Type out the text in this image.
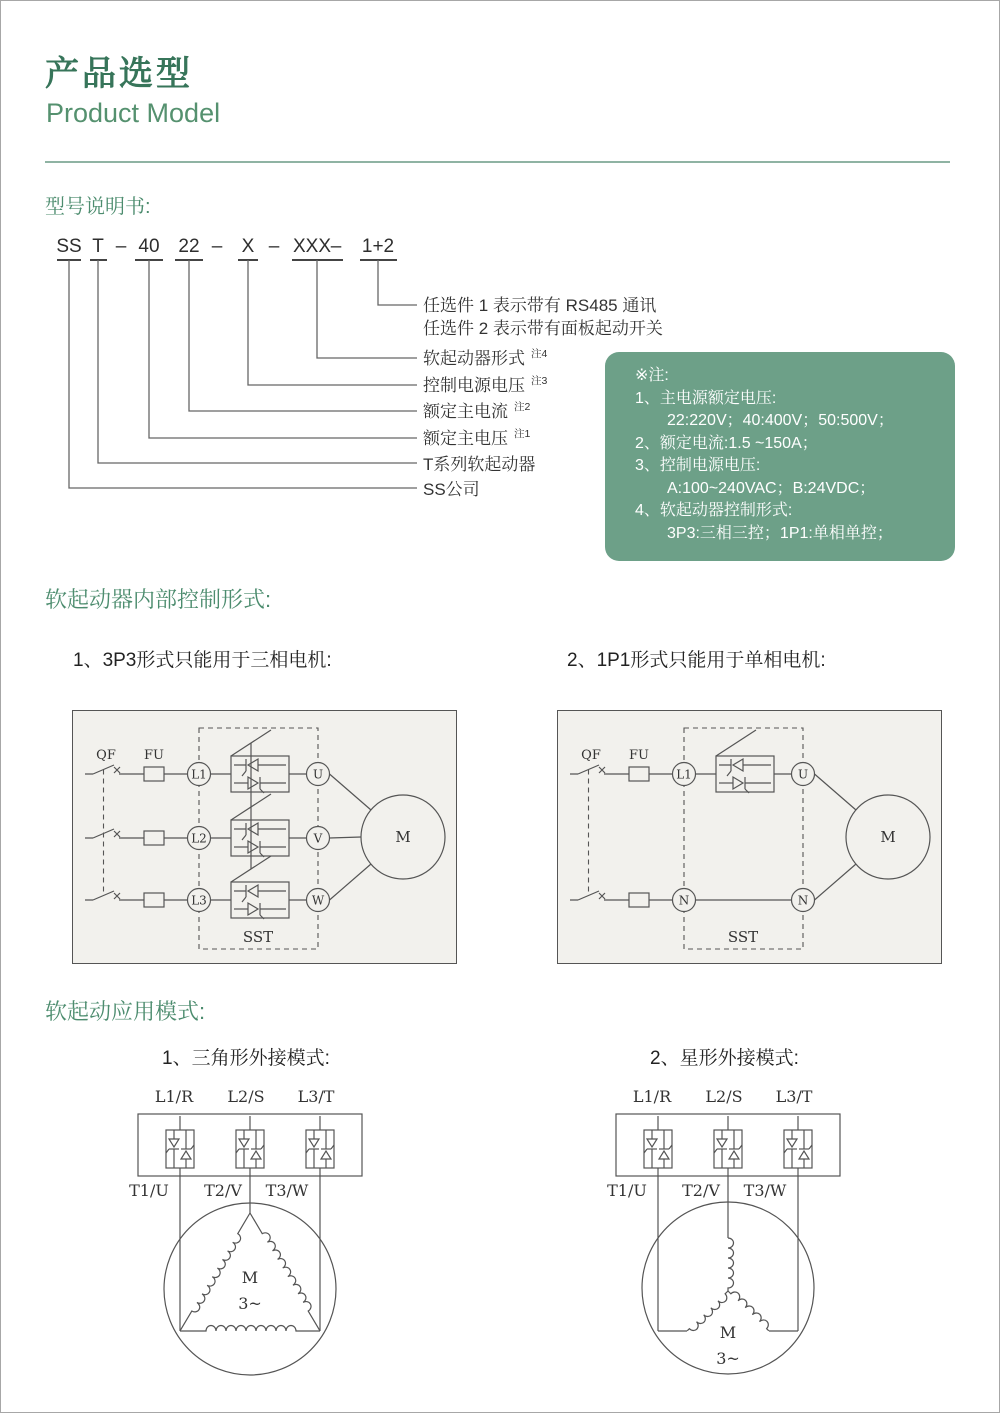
产品选型
Product Model
型号说明书:
SS T – 40 22 – X – XXX – 1+2
任选件 1 表示带有 RS485 通讯
任选件 2 表示带有面板起动开关
软起动器形式 注4
控制电源电压 注3
额定主电流 注2
额定主电压 注1
T系列软起动器
SS公司
※注:
1、主电源额定电压:
22:220V；40:400V；50:500V；
2、额定电流:1.5 ~150A；
3、控制电源电压:
A:100~240VAC；B:24VDC；
4、软起动器控制形式:
3P3:三相三控；1P1:单相单控；
软起动器内部控制形式:
1、3P3形式只能用于三相电机:	2、1P1形式只能用于单相电机:
QF FU
L1	U
L2	V
L3	W
M
SST
QF FU
L1	U
N	N
M
SST
软起动应用模式:
1、三角形外接模式:	2、星形外接模式:
L1/R L2/S L3/T
T1/U T2/V T3/W
M
3~
L1/R L2/S L3/T
T1/U T2/V T3/W
M
3~
